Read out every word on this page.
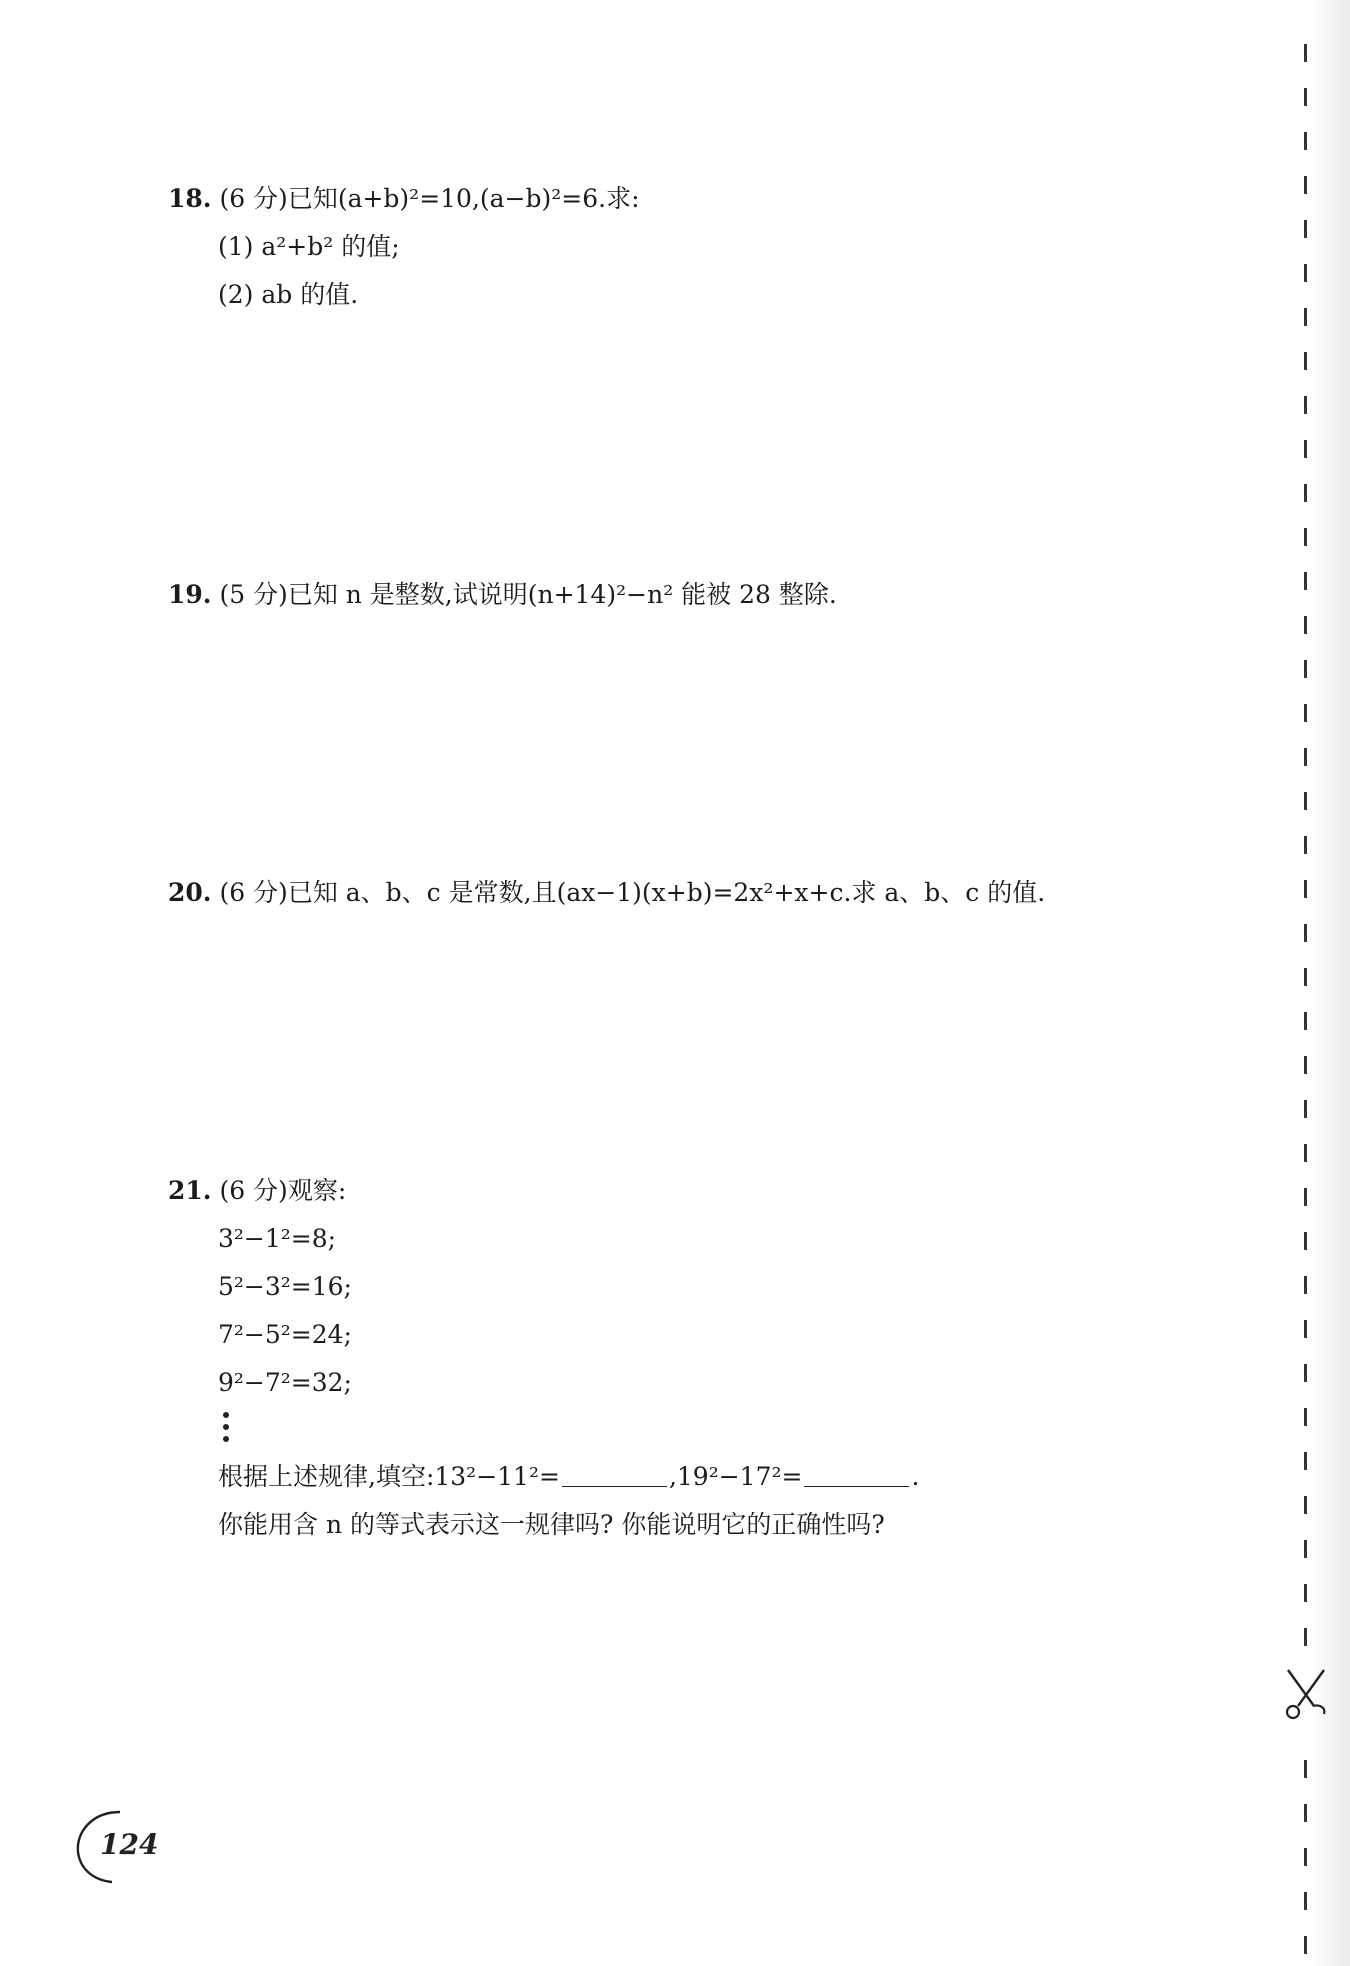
18. (6 分)已知(a+b)²=10,(a−b)²=6.求:
(1) a²+b² 的值;
(2) ab 的值.
19. (5 分)已知 n 是整数,试说明(n+14)²−n² 能被 28 整除.
20. (6 分)已知 a、b、c 是常数,且(ax−1)(x+b)=2x²+x+c.求 a、b、c 的值.
21. (6 分)观察:
3²−1²=8;
5²−3²=16;
7²−5²=24;
9²−7²=32;
根据上述规律,填空:13²−11²=	,19²−17²=	.
你能用含 n 的等式表示这一规律吗? 你能说明它的正确性吗?
124
